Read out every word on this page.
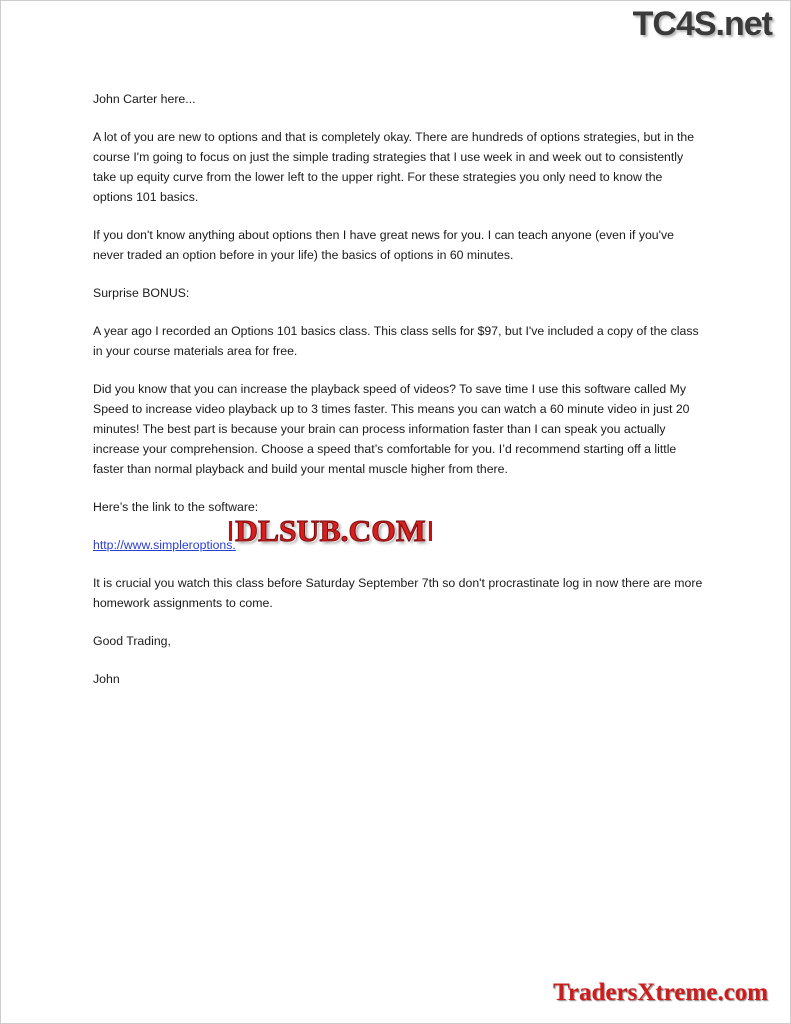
TC4S.net

John Carter here...

A lot of you are new to options and that is completely okay. There are hundreds of options strategies, but in the course I'm going to focus on just the simple trading strategies that I use week in and week out to consistently take up equity curve from the lower left to the upper right. For these strategies you only need to know the options 101 basics.

If you don't know anything about options then I have great news for you. I can teach anyone (even if you've never traded an option before in your life) the basics of options in 60 minutes.

Surprise BONUS:

A year ago I recorded an Options 101 basics class. This class sells for $97, but I've included a copy of the class in your course materials area for free.

Did you know that you can increase the playback speed of videos? To save time I use this software called My Speed to increase video playback up to 3 times faster. This means you can watch a 60 minute video in just 20 minutes! The best part is because your brain can process information faster than I can speak you actually increase your comprehension. Choose a speed that’s comfortable for you. I’d recommend starting off a little faster than normal playback and build your mental muscle higher from there.

Here’s the link to the software:

http://www.simpleroptions. DLSUB.COM

It is crucial you watch this class before Saturday September 7th so don't procrastinate log in now there are more homework assignments to come.

Good Trading,

John

TradersXtreme.com
